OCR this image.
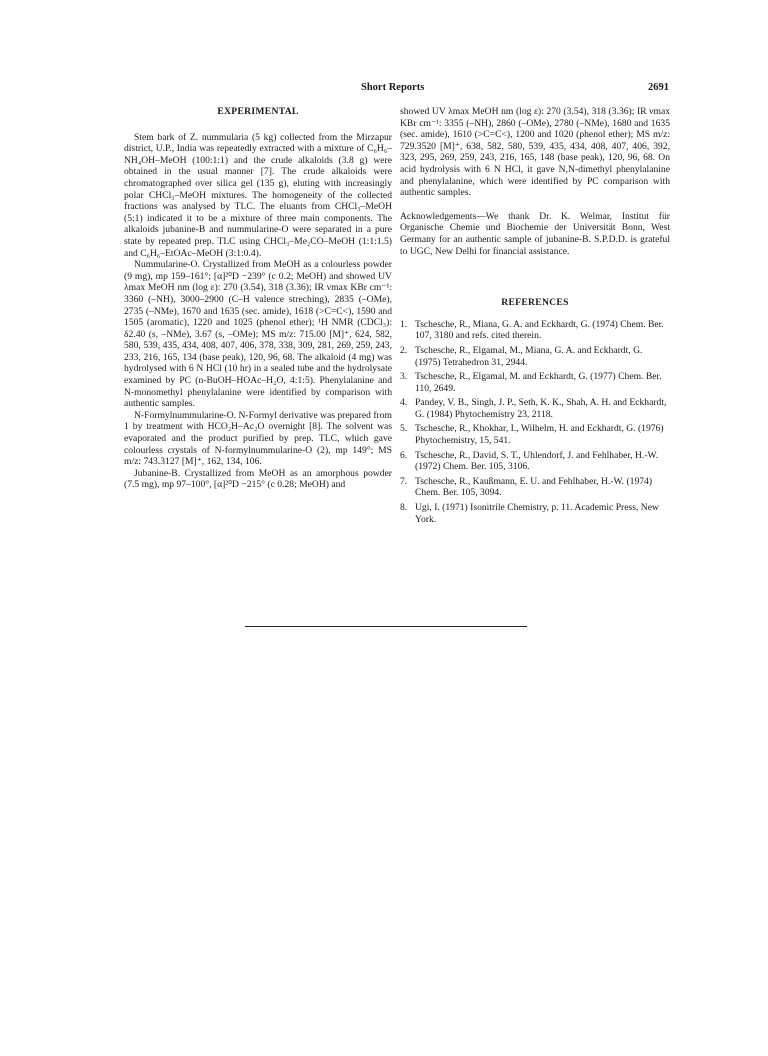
Short Reports	2691
EXPERIMENTAL

Stem bark of Z. nummularia (5 kg) collected from the Mirzapur district, U.P., India was repeatedly extracted with a mixture of C₆H₆–NH₄OH–MeOH (100:1:1) and the crude alkaloids (3.8 g) were obtained in the usual manner [7]. The crude alkaloids were chromatographed over silica gel (135 g), eluting with increasingly polar CHCl₃–MeOH mixtures. The homogeneity of the collected fractions was analysed by TLC. The eluants from CHCl₃–MeOH (5:1) indicated it to be a mixture of three main components. The alkaloids jubanine-B and nummularine-O were separated in a pure state by repeated prep. TLC using CHCl₃–Me₂CO–MeOH (1:1:1.5) and C₆H₆–EtOAc–MeOH (3:1:0.4).

Nummularine-O. Crystallized from MeOH as a colourless powder (9 mg), mp 159–161°; [α]²⁰D −239° (c 0.2; MeOH) and showed UV λmax MeOH nm (log ε): 270 (3.54), 318 (3.36); IR νmax KBr cm⁻¹: 3360 (–NH), 3000–2900 (C–H valence streching), 2835 (–OMe), 2735 (–NMe), 1670 and 1635 (sec. amide), 1618 (>C=C<), 1590 and 1505 (aromatic), 1220 and 1025 (phenol ether); ¹H NMR (CDCl₃): δ2.40 (s, –NMe), 3.67 (s, –OMe); MS m/z: 715.00 [M]⁺, 624, 582, 580, 539, 435, 434, 408, 407, 406, 378, 338, 309, 281, 269, 259, 243, 233, 216, 165, 134 (base peak), 120, 96, 68. The alkaloid (4 mg) was hydrolysed with 6 N HCl (10 hr) in a sealed tube and the hydrolysate examined by PC (n-BuOH–HOAc–H₂O, 4:1:5). Phenylalanine and N-monomethyl phenylalanine were identified by comparison with authentic samples.

N-Formylnummularine-O. N-Formyl derivative was prepared from 1 by treatment with HCO₂H–Ac₂O overnight [8]. The solvent was evaporated and the product purified by prep. TLC, which gave colourless crystals of N-formylnummularine-O (2), mp 149°; MS m/z: 743.3127 [M]⁺, 162, 134, 106.

Jubanine-B. Crystallized from MeOH as an amorphous powder (7.5 mg), mp 97–100°, [α]²⁰D −215° (c 0.28; MeOH) and

showed UV λmax MeOH nm (log ε): 270 (3.54), 318 (3.36); IR νmax KBr cm⁻¹: 3355 (–NH), 2860 (–OMe), 2780 (–NMe), 1680 and 1635 (sec. amide), 1610 (>C=C<), 1200 and 1020 (phenol ether); MS m/z: 729.3520 [M]⁺, 638, 582, 580, 539, 435, 434, 408, 407, 406, 392, 323, 295, 269, 259, 243, 216, 165, 148 (base peak), 120, 96, 68. On acid hydrolysis with 6 N HCl, it gave N,N-dimethyl phenylalanine and phenylalanine, which were identified by PC comparison with authentic samples.

Acknowledgements—We thank Dr. K. Welmar, Institut für Organische Chemie und Biochemie der Universität Bonn, West Germany for an authentic sample of jubanine-B. S.P.D.D. is grateful to UGC, New Delhi for financial assistance.

REFERENCES
1. Tschesche, R., Miana, G. A. and Eckhardt, G. (1974) Chem. Ber. 107, 3180 and refs. cited therein.
2. Tschesche, R., Elgamal, M., Miana, G. A. and Eckhardt, G. (1975) Tetrahedron 31, 2944.
3. Tschesche, R., Elgamal, M. and Eckhardt, G. (1977) Chem. Ber. 110, 2649.
4. Pandey, V. B., Singh, J. P., Seth, K. K., Shah, A. H. and Eckhardt, G. (1984) Phytochemistry 23, 2118.
5. Tschesche, R., Khokhar, I., Wilhelm, H. and Eckhardt, G. (1976) Phytochemistry, 15, 541.
6. Tschesche, R., David, S. T., Uhlendorf, J. and Fehlhaber, H.-W. (1972) Chem. Ber. 105, 3106.
7. Tschesche, R., Kaußmann, E. U. and Fehlhaber, H.-W. (1974) Chem. Ber. 105, 3094.
8. Ugi, I. (1971) Isonitrile Chemistry, p. 11. Academic Press, New York.
